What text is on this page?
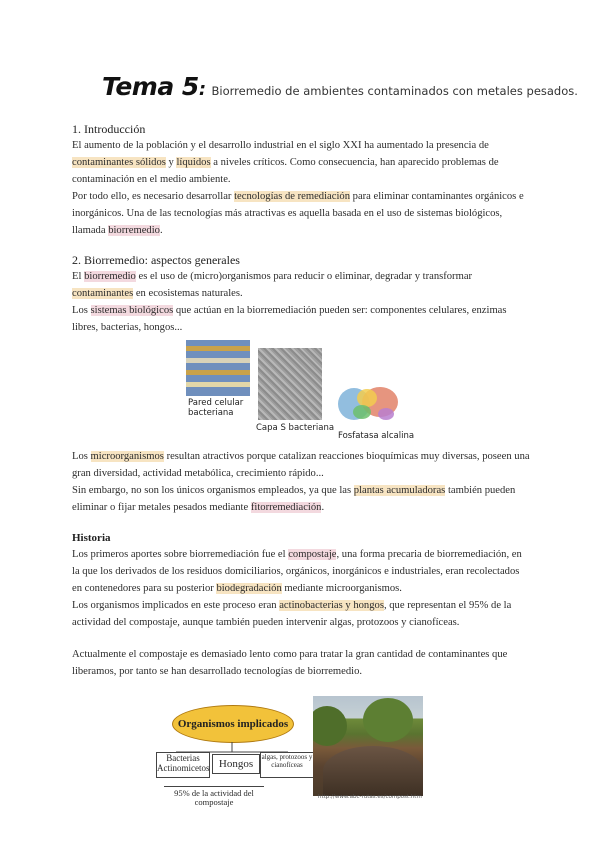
Tema 5: Biorremedio de ambientes contaminados con metales pesados.
1. Introducción
El aumento de la población y el desarrollo industrial en el siglo XXI ha aumentado la presencia de contaminantes sólidos y líquidos a niveles críticos. Como consecuencia, han aparecido problemas de contaminación en el medio ambiente.
Por todo ello, es necesario desarrollar tecnologías de remediación para eliminar contaminantes orgánicos e inorgánicos. Una de las tecnologías más atractivas es aquella basada en el uso de sistemas biológicos, llamada biorremedio.
2. Biorremedio: aspectos generales
El biorremedio es el uso de (micro)organismos para reducir o eliminar, degradar y transformar contaminantes en ecosistemas naturales.
Los sistemas biológicos que actúan en la biorremediación pueden ser: componentes celulares, enzimas libres, bacterias, hongos...
Pared celular bacteriana
Capa S bacteriana
Fosfatasa alcalina
Los microorganismos resultan atractivos porque catalizan reacciones bioquímicas muy diversas, poseen una gran diversidad, actividad metabólica, crecimiento rápido...
Sin embargo, no son los únicos organismos empleados, ya que las plantas acumuladoras también pueden eliminar o fijar metales pesados mediante fitorremediación.
Historia
Los primeros aportes sobre biorremediación fue el compostaje, una forma precaria de biorremediación, en la que los derivados de los residuos domiciliarios, orgánicos, inorgánicos e industriales, eran recolectados en contenedores para su posterior biodegradación mediante microorganismos.
Los organismos implicados en este proceso eran actinobacterias y hongos, que representan el 95% de la actividad del compostaje, aunque también pueden intervenir algas, protozoos y cianofíceas.
Actualmente el compostaje es demasiado lento como para tratar la gran cantidad de contaminantes que liberamos, por tanto se han desarrollado tecnologías de biorremedio.
Organismos implicados
Bacterias Actinomicetos Hongos
algas, protozoos y cianofíceas
95% de la actividad del compostaje	http://www.abc-rutas.es/compost.htm
